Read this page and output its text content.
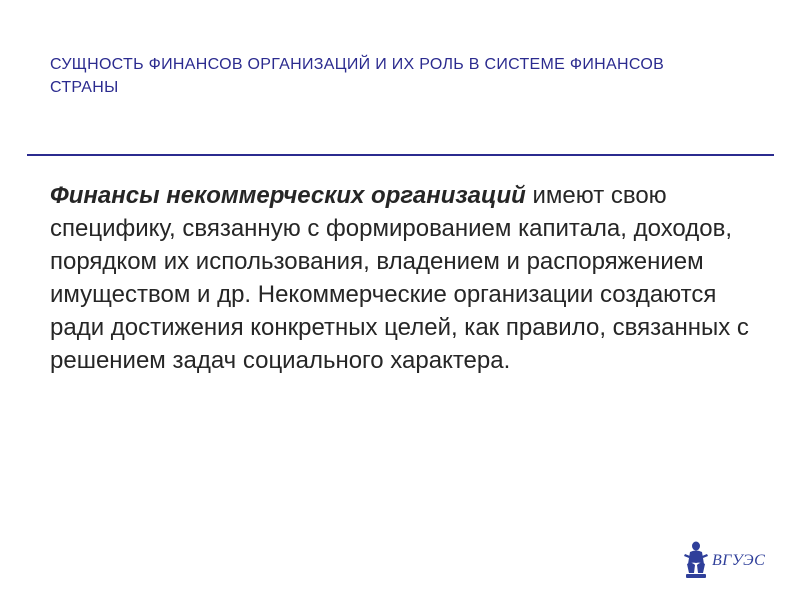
СУЩНОСТЬ ФИНАНСОВ ОРГАНИЗАЦИЙ И ИХ РОЛЬ В СИСТЕМЕ ФИНАНСОВ СТРАНЫ
Финансы некоммерческих организаций имеют свою специфику, связанную с формированием капитала, доходов, порядком их использования, владением и распоряжением имуществом и др. Некоммерческие организации создаются ради достижения конкретных целей, как правило, связанных с решением задач социального характера.
ВГУЭС
